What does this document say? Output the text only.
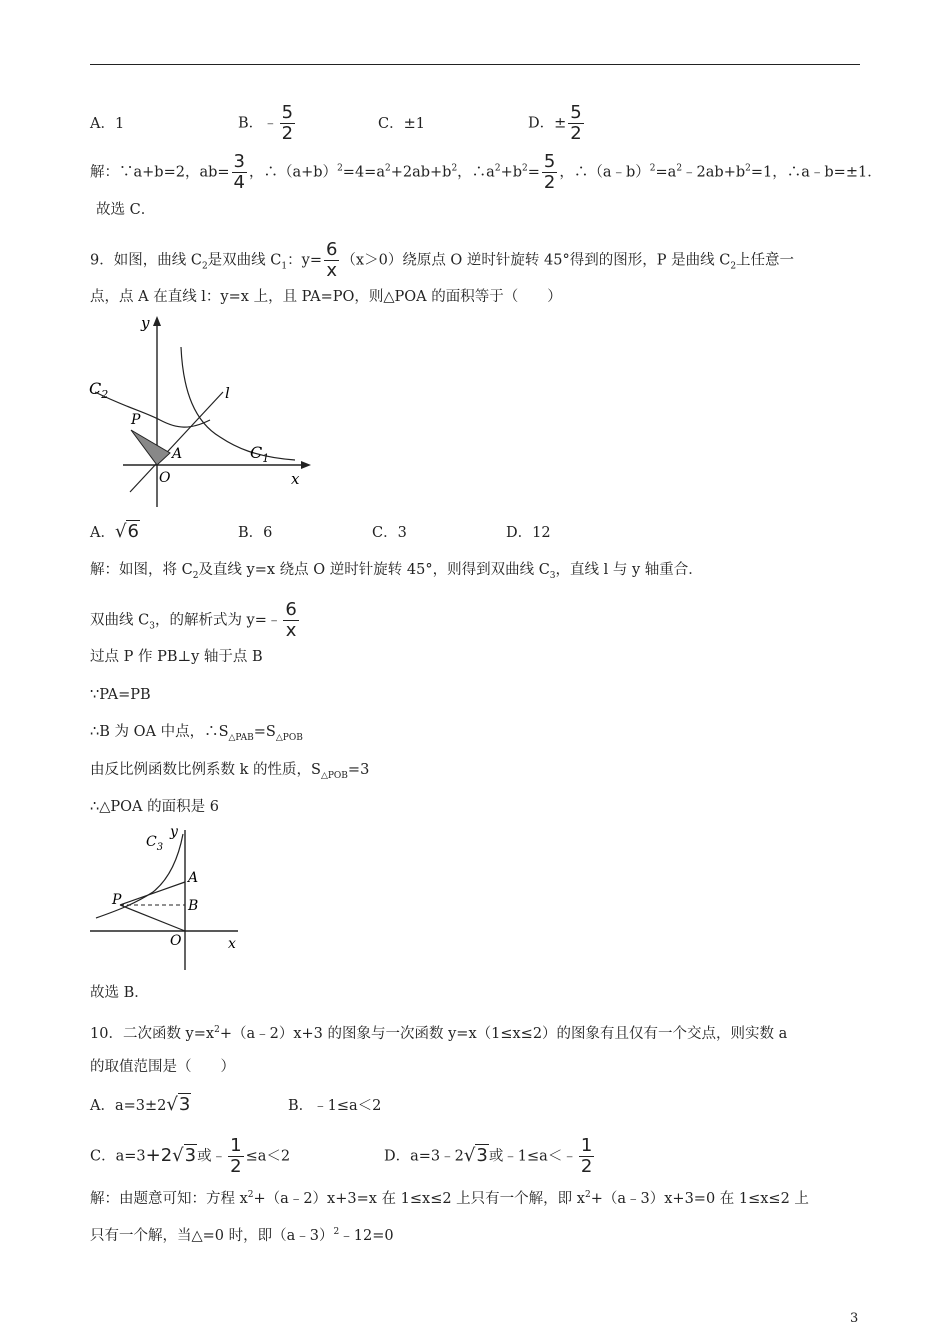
A．1	B．﹣ $\frac{5}{2}$	C．±1	D．± $\frac{5}{2}$
解：∵a+b=2，$ab= \frac{3}{4}$ ，$\therefore(a+b)^2=4=a^2+2ab+b^2$，$\therefore a^2+b^2= \frac{5}{2}$ ，$\therefore(a﹣b)^2=a^2﹣2ab+b^2=1$，∴a﹣b=±1．
故选 C．
9．如图，曲线 $C_2$是双曲线 $C_1$：$y= \frac{6}{x} (x>0)$绕原点 O 逆时针旋转 45°得到的图形，P 是曲线 $C_2$上任意一
点，点 A 在直线 l：y=x 上，且 PA=PO，则△POA 的面积等于（　　）
y
x
$C_2$
$C_1$
l
P
A
O
A．√6	B．6	C．3	D．12
解：如图，将 $C_2$及直线 y=x 绕点 O 逆时针旋转 45°，则得到双曲线 $C_3$，直线 l 与 y 轴重合．
双曲线 $C_3$，的解析式为 y=﹣ $\frac{6}{x}$
过点 P 作 PB⊥y 轴于点 B
∵PA=PB
∴B 为 OA 中点，$\therefore S_{\triangle PAB}=S_{\triangle POB}$
由反比例函数比例系数 k 的性质，$S_{\triangle POB}=3$
∴△POA 的面积是 6
$C_3$
y
A
P	B
O	x
故选 B．
10．二次函数 $y=x^2+(a﹣2)x+3$ 的图象与一次函数 y=x（1≤x≤2）的图象有且仅有一个交点，则实数 a
的取值范围是（　　）
A．a=3±2√3	B．﹣1≤a＜2
C．a=3+2√3或﹣ $\frac{1}{2} \le a<2$	D．a=3﹣2√3或﹣1≤a＜﹣ $\frac{1}{2}$
解：由题意可知：方程 $x^2+(a﹣2)x+3=x$ 在 1≤x≤2 上只有一个解，即 $x^2+(a﹣3)x+3=0$ 在 1≤x≤2 上
只有一个解，当△=0 时，即（a﹣3）$^2$﹣12=0
3
